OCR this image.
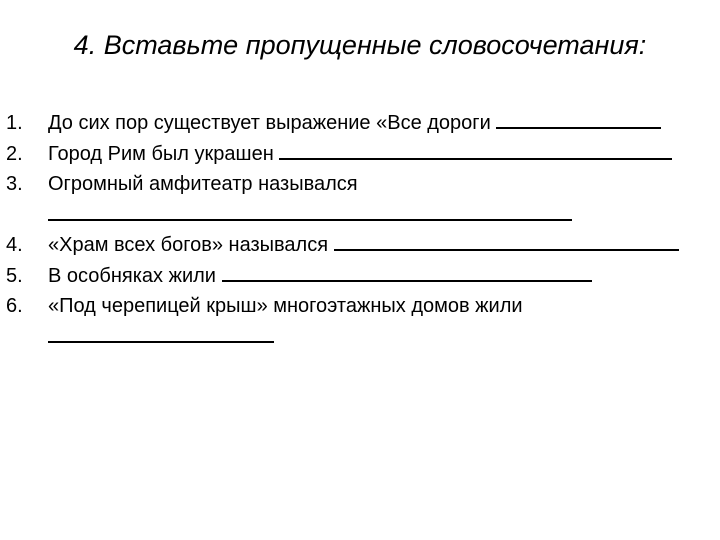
4. Вставьте пропущенные словосочетания:
1.	До сих пор существует выражение «Все дороги
2.	Город Рим был украшен
3.	Огромный амфитеатр назывался
4.	«Храм всех богов» назывался
5.	В особняках жили
6.	«Под черепицей крыш» многоэтажных домов жили
